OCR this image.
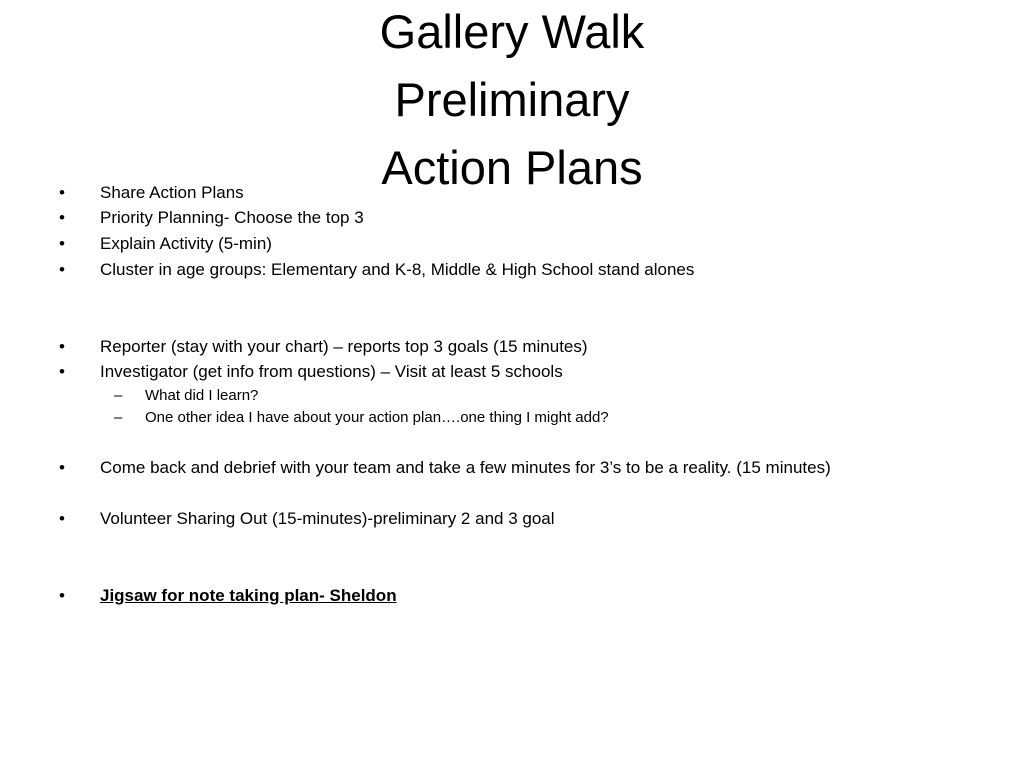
Gallery Walk
Preliminary
Action Plans
• Share Action Plans
• Priority Planning- Choose the top 3
• Explain Activity (5-min)
• Cluster in age groups: Elementary and K-8, Middle & High School stand alones
• Reporter (stay with your chart) – reports top 3 goals (15 minutes)
• Investigator (get info from questions) – Visit at least 5 schools
– What did I learn?
– One other idea I have about your action plan….one thing I might add?
• Come back and debrief with your team and take a few minutes for 3’s to be a reality. (15 minutes)
• Volunteer Sharing Out (15-minutes)-preliminary 2 and 3 goal
• Jigsaw for note taking plan- Sheldon
